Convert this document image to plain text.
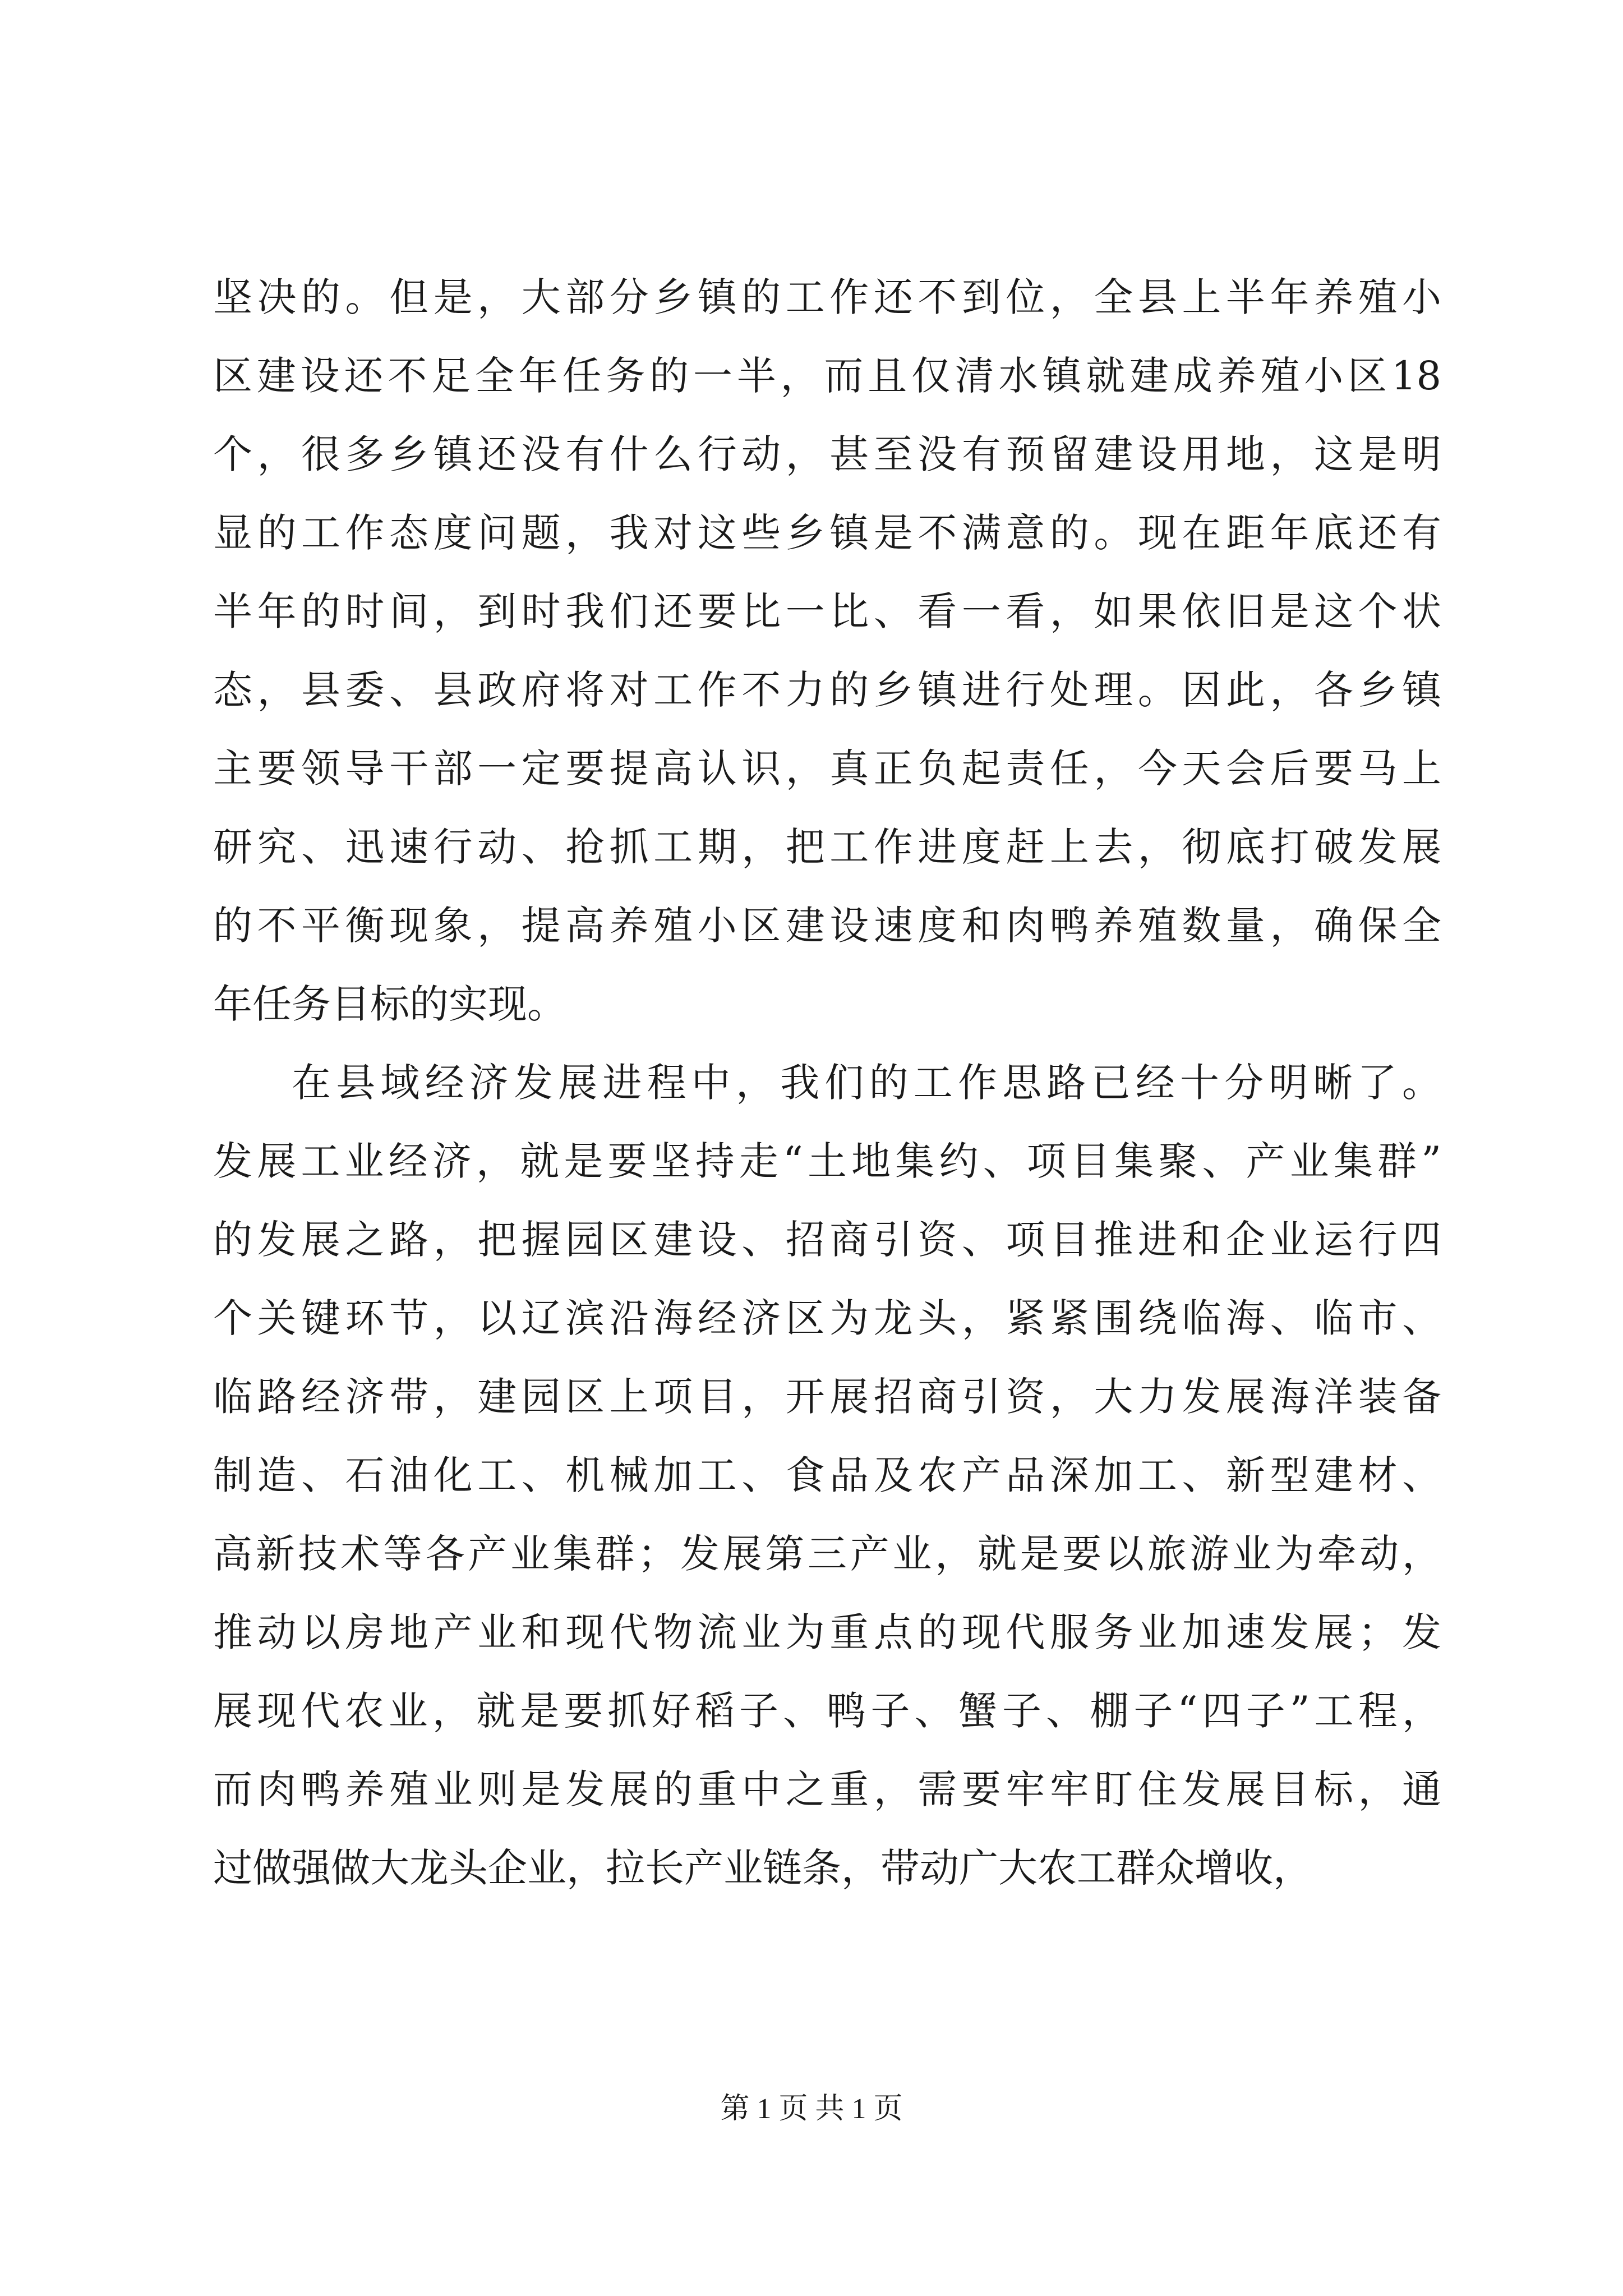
坚决的。但是，大部分乡镇的工作还不到位，全县上半年养殖小
区建设还不足全年任务的一半，而且仅清水镇就建成养殖小区18
个，很多乡镇还没有什么行动，甚至没有预留建设用地，这是明
显的工作态度问题，我对这些乡镇是不满意的。现在距年底还有
半年的时间，到时我们还要比一比、看一看，如果依旧是这个状
态，县委、县政府将对工作不力的乡镇进行处理。因此，各乡镇
主要领导干部一定要提高认识，真正负起责任，今天会后要马上
研究、迅速行动、抢抓工期，把工作进度赶上去，彻底打破发展
的不平衡现象，提高养殖小区建设速度和肉鸭养殖数量，确保全
年任务目标的实现。
在县域经济发展进程中，我们的工作思路已经十分明晰了。
发展工业经济，就是要坚持走“土地集约、项目集聚、产业集群”
的发展之路，把握园区建设、招商引资、项目推进和企业运行四
个关键环节，以辽滨沿海经济区为龙头，紧紧围绕临海、临市、
临路经济带，建园区上项目，开展招商引资，大力发展海洋装备
制造、石油化工、机械加工、食品及农产品深加工、新型建材、
高新技术等各产业集群；发展第三产业，就是要以旅游业为牵动，
推动以房地产业和现代物流业为重点的现代服务业加速发展；发
展现代农业，就是要抓好稻子、鸭子、蟹子、棚子“四子”工程，
而肉鸭养殖业则是发展的重中之重，需要牢牢盯住发展目标，通
过做强做大龙头企业，拉长产业链条，带动广大农工群众增收，
第 1 页 共 1 页
